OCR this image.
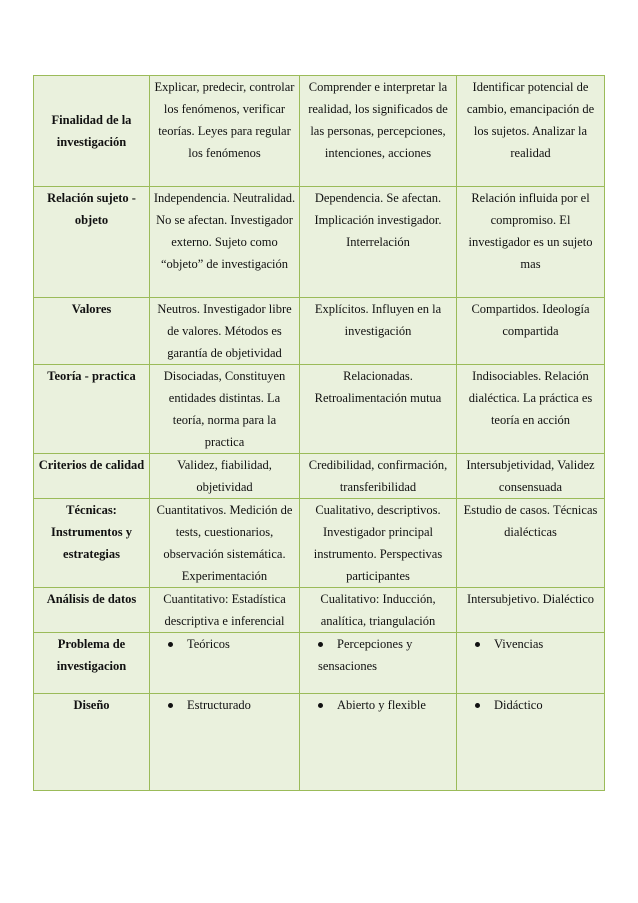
Finalidad de la investigación	Explicar, predecir, controlar los fenómenos, verificar teorías. Leyes para regular los fenómenos	Comprender e interpretar la realidad, los significados de las personas, percepciones, intenciones, acciones	Identificar potencial de cambio, emancipación de los sujetos. Analizar la realidad
Relación sujeto - objeto	Independencia. Neutralidad. No se afectan. Investigador externo. Sujeto como “objeto” de investigación	Dependencia. Se afectan. Implicación investigador. Interrelación	Relación influida por el compromiso. El investigador es un sujeto mas
Valores	Neutros. Investigador libre de valores. Métodos es garantía de objetividad	Explícitos. Influyen en la investigación	Compartidos. Ideología compartida
Teoría - practica	Disociadas, Constituyen entidades distintas. La teoría, norma para la practica	Relacionadas. Retroalimentación mutua	Indisociables. Relación dialéctica. La práctica es teoría en acción
Criterios de calidad	Validez, fiabilidad, objetividad	Credibilidad, confirmación, transferibilidad	Intersubjetividad, Validez consensuada
Técnicas: Instrumentos y estrategias	Cuantitativos. Medición de tests, cuestionarios, observación sistemática. Experimentación	Cualitativo, descriptivos. Investigador principal instrumento. Perspectivas participantes	Estudio de casos. Técnicas dialécticas
Análisis de datos	Cuantitativo: Estadística descriptiva e inferencial	Cualitativo: Inducción, analítica, triangulación	Intersubjetivo. Dialéctico
Problema de investigacion	Teóricos	Percepciones y sensaciones	Vivencias
Diseño	Estructurado	Abierto y flexible	Didáctico
